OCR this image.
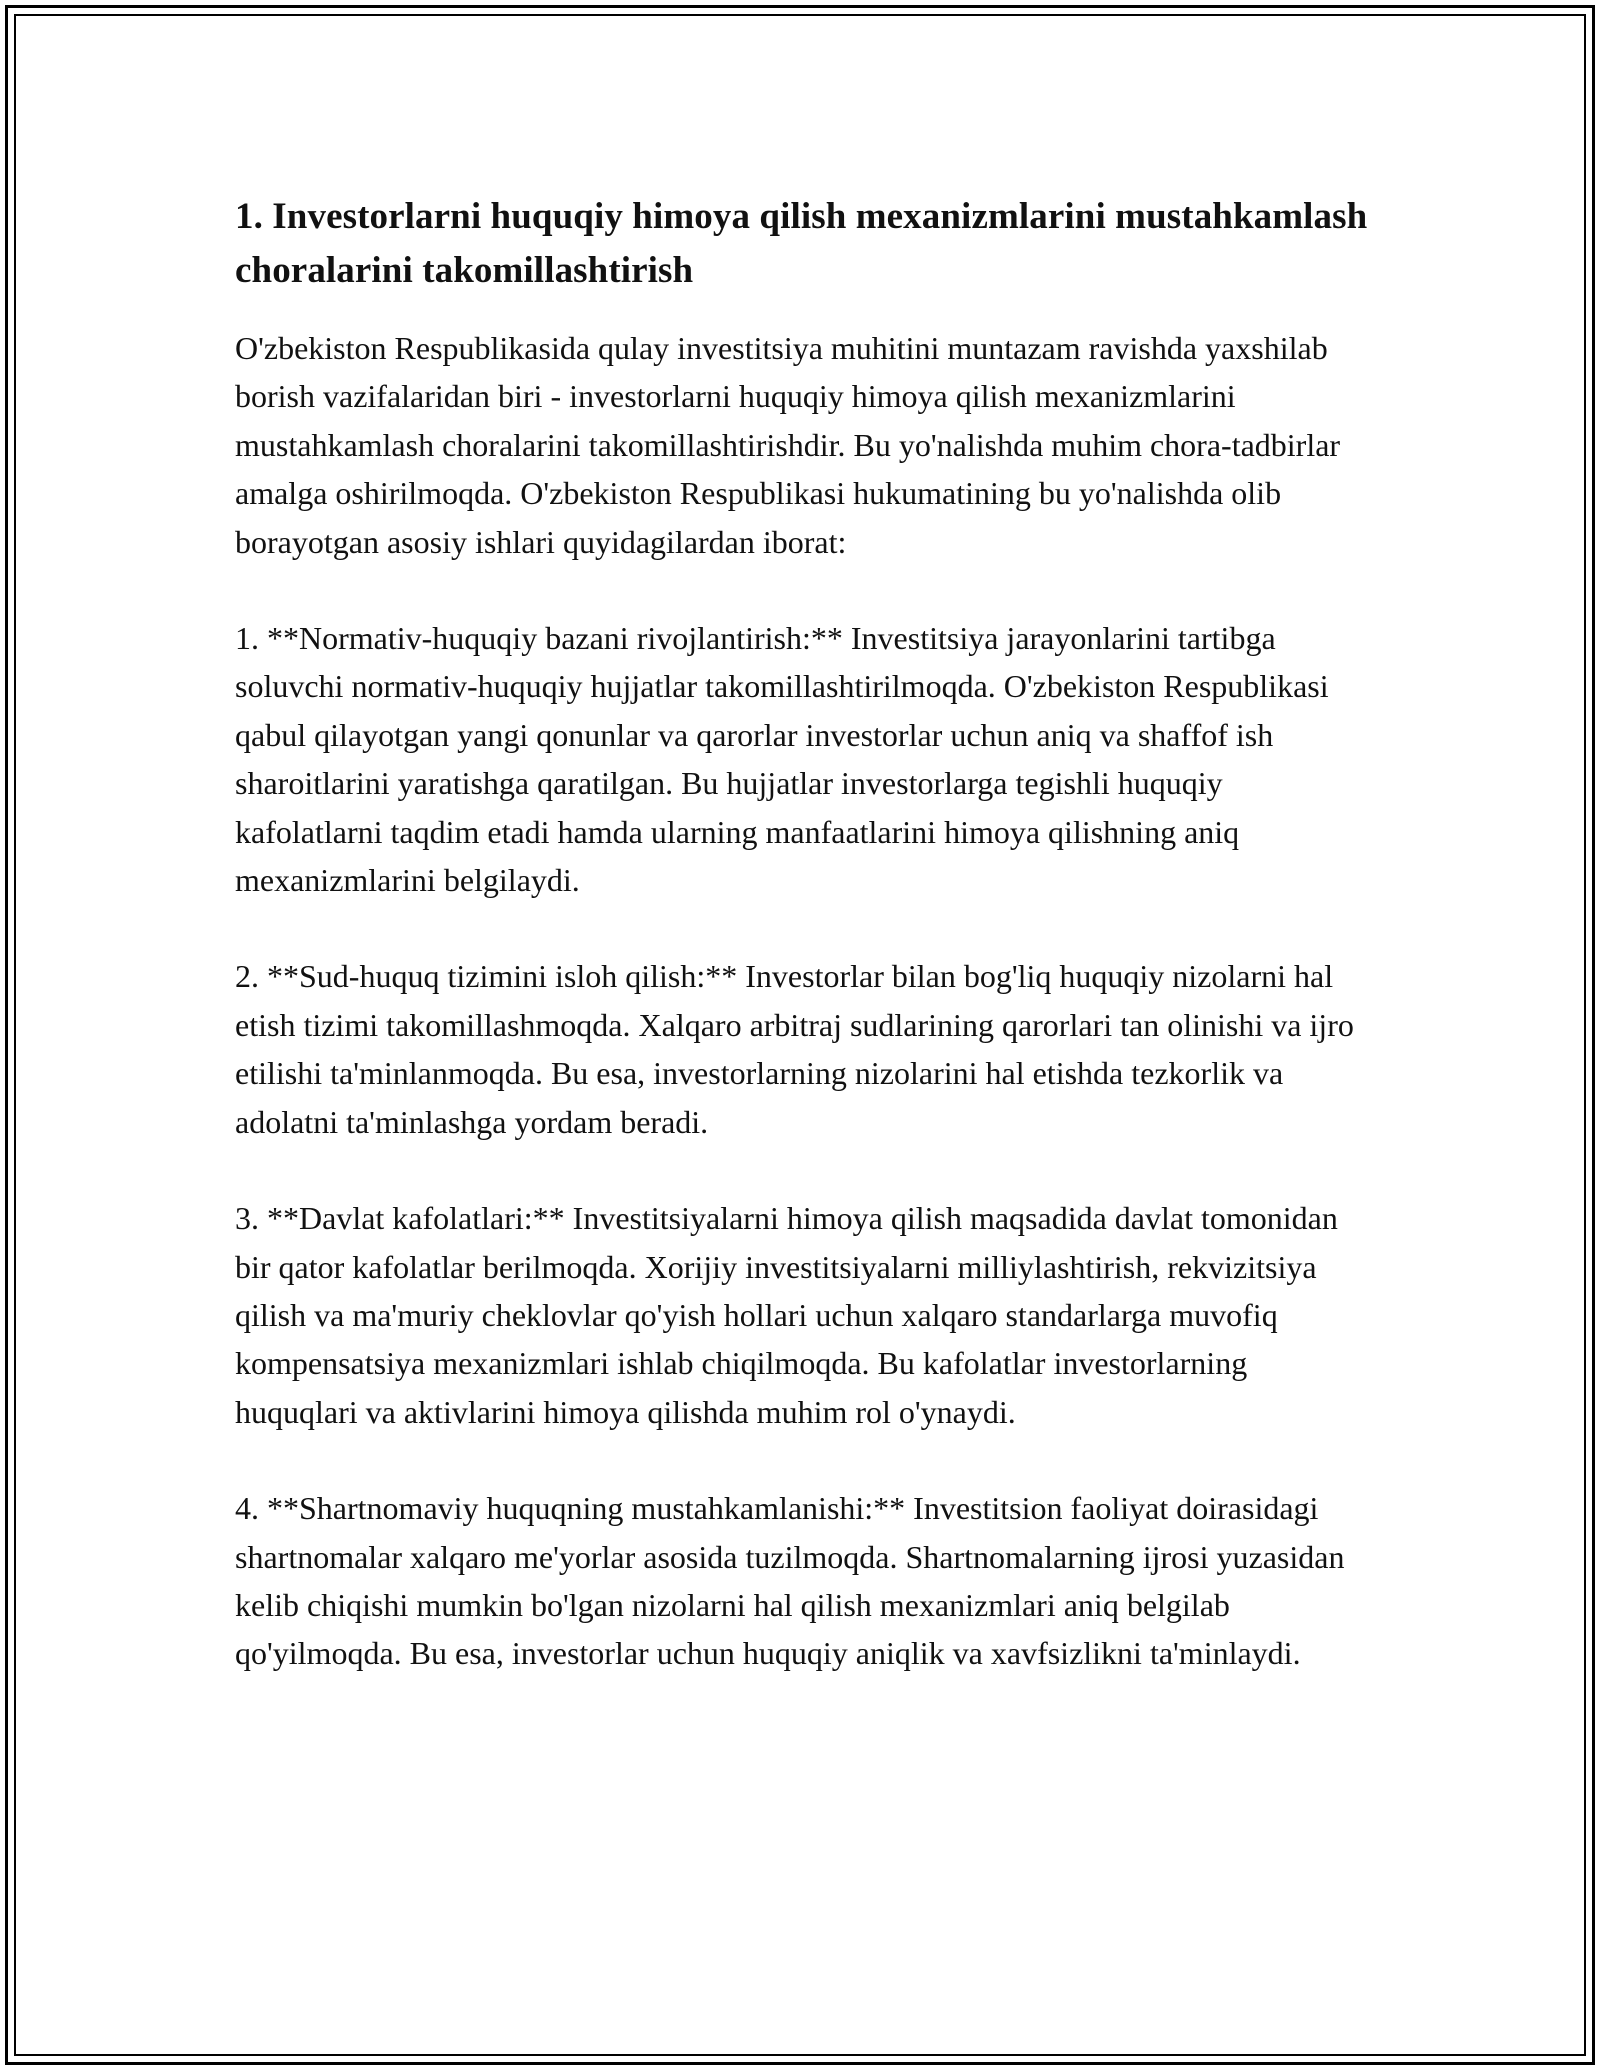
1. Investorlarni huquqiy himoya qilish mexanizmlarini mustahkamlash choralarini takomillashtirish

O'zbekiston Respublikasida qulay investitsiya muhitini muntazam ravishda yaxshilab borish vazifalaridan biri - investorlarni huquqiy himoya qilish mexanizmlarini mustahkamlash choralarini takomillashtirishdir. Bu yo'nalishda muhim chora-tadbirlar amalga oshirilmoqda. O'zbekiston Respublikasi hukumatining bu yo'nalishda olib borayotgan asosiy ishlari quyidagilardan iborat:

1. **Normativ-huquqiy bazani rivojlantirish:** Investitsiya jarayonlarini tartibga soluvchi normativ-huquqiy hujjatlar takomillashtirilmoqda. O'zbekiston Respublikasi qabul qilayotgan yangi qonunlar va qarorlar investorlar uchun aniq va shaffof ish sharoitlarini yaratishga qaratilgan. Bu hujjatlar investorlarga tegishli huquqiy kafolatlarni taqdim etadi hamda ularning manfaatlarini himoya qilishning aniq mexanizmlarini belgilaydi.

2. **Sud-huquq tizimini isloh qilish:** Investorlar bilan bog'liq huquqiy nizolarni hal etish tizimi takomillashmoqda. Xalqaro arbitraj sudlarining qarorlari tan olinishi va ijro etilishi ta'minlanmoqda. Bu esa, investorlarning nizolarini hal etishda tezkorlik va adolatni ta'minlashga yordam beradi.

3. **Davlat kafolatlari:** Investitsiyalarni himoya qilish maqsadida davlat tomonidan bir qator kafolatlar berilmoqda. Xorijiy investitsiyalarni milliylashtirish, rekvizitsiya qilish va ma'muriy cheklovlar qo'yish hollari uchun xalqaro standarlarga muvofiq kompensatsiya mexanizmlari ishlab chiqilmoqda. Bu kafolatlar investorlarning huquqlari va aktivlarini himoya qilishda muhim rol o'ynaydi.

4. **Shartnomaviy huquqning mustahkamlanishi:** Investitsion faoliyat doirasidagi shartnomalar xalqaro me'yorlar asosida tuzilmoqda. Shartnomalarning ijrosi yuzasidan kelib chiqishi mumkin bo'lgan nizolarni hal qilish mexanizmlari aniq belgilab qo'yilmoqda. Bu esa, investorlar uchun huquqiy aniqlik va xavfsizlikni ta'minlaydi.
